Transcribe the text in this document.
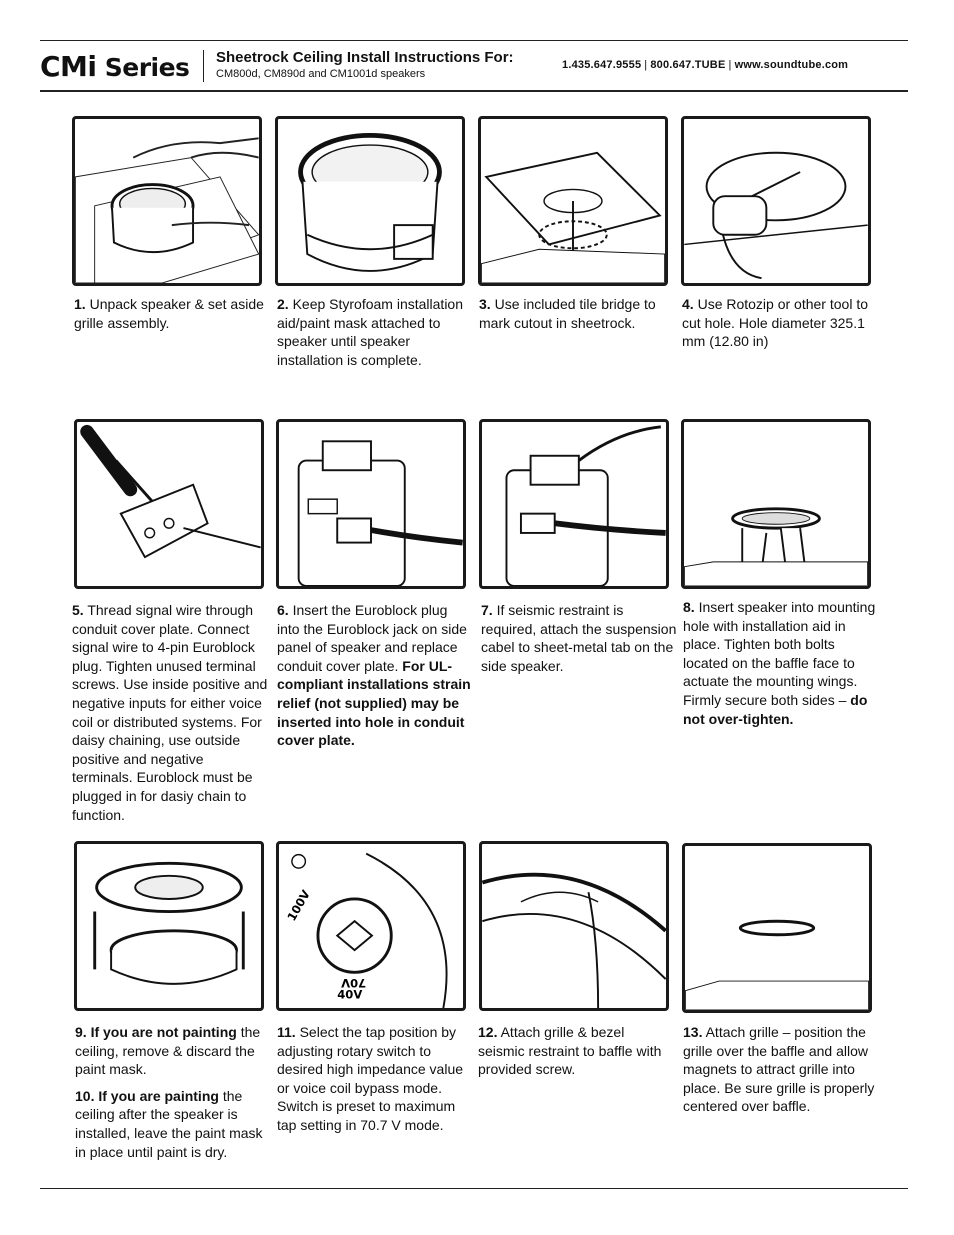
CMi Series Sheetrock Ceiling Install Instructions For:
CM800d, CM890d and CM1001d speakers
1.435.647.9555 | 800.647.TUBE | www.soundtube.com
1. Unpack speaker & set aside grille assembly.
2. Keep Styrofoam installation aid/paint mask attached to speaker until speaker installation is complete.
3. Use included tile bridge to mark cutout in sheetrock.
4. Use Rotozip or other tool to cut hole. Hole diameter 325.1 mm (12.80 in)
5. Thread signal wire through conduit cover plate. Connect signal wire to 4-pin Euroblock plug. Tighten unused terminal screws. Use inside positive and negative inputs for either voice coil or distributed systems. For daisy chaining, use outside positive and negative terminals. Euroblock must be plugged in for dasiy chain to function.
6. Insert the Euroblock plug into the Euroblock jack on side panel of speaker and replace conduit cover plate. For UL-compliant installations strain relief (not supplied) may be inserted into hole in conduit cover plate.
7. If seismic restraint is required, attach the suspension cabel to sheet-metal tab on the side speaker.
8. Insert speaker into mounting hole with installation aid in place. Tighten both bolts located on the baffle face to actuate the mounting wings. Firmly secure both sides – do not over-tighten.
100V
70V
40V

9. If you are not painting the ceiling, remove & discard the paint mask.

10. If you are painting the ceiling after the speaker is installed, leave the paint mask in place until paint is dry.

11. Select the tap position by adjusting rotary switch to desired high impedance value or voice coil bypass mode. Switch is preset to maximum tap setting in 70.7 V mode.
12. Attach grille & bezel seismic restraint to baffle with provided screw.
13. Attach grille – position the grille over the baffle and allow magnets to attract grille into place. Be sure grille is properly centered over baffle.
